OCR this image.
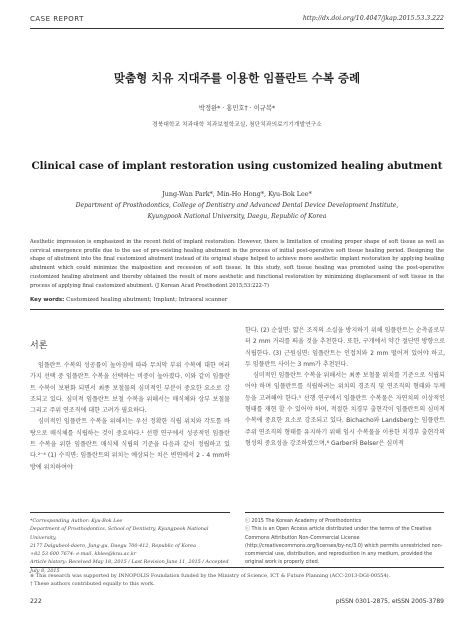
CASE REPORT	http://dx.doi.org/10.4047/jkap.2015.53.3.222
맞춤형 치유 지대주를 이용한 임플란트 수복 증례
박정완* · 홍민호† · 이규복*
경북대학교 치과대학 치과보철학교실, 첨단치과의료기기개발연구소
Clinical case of implant restoration using customized healing abutment
Jung-Wan Park*, Min-Ho Hong*, Kyu-Bok Lee*
Department of Prosthodontics, College of Dentistry and Advanced Dental Device Development Institute,
Kyungpook National University, Daegu, Republic of Korea
Aesthetic impression is emphasized in the recent field of implant restoration. However, there is limitation of creating proper shape of soft tissue as well as cervical emergence profile due to the use of pre-existing healing abutment in the process of initial post-operative soft tissue healing period. Designing the shape of abutment into the final customized abutment instead of its original shape helped to achieve more aesthetic implant restoration by applying healing abutment which could minimize the malposition and recession of soft tissue. In this study, soft tissue healing was promoted using the post-operative customized healing abutment and thereby obtained the result of more aesthetic and functional restoration by minimizing displacement of soft tissue in the process of applying final customized abutment. (J Korean Acad Prosthodont 2015;53:222-7)
Key words: Customized healing abutment; Implant; Intraoral scanner
서론

임플란트 수복의 성공률이 높아짐에 따라 무치악 부위 수복에 대한 여러 가지 선택 중 임플란트 수복을 선택하는 비중이 높아졌다. 이와 같이 임플란트 수복이 보편화 되면서 최종 보철물의 심미적인 부분이 중요한 요소로 강조되고 있다. 심미적 임플란트 보철 수복을 위해서는 매식체와 상부 보철물 그리고 주위 연조직에 대한 고려가 필요하다.

심미적인 임플란트 수복을 위해서는 우선 정확한 식립 위치와 각도를 바탕으로 매식체를 식립하는 것이 중요하다.¹ 선행 연구에서 성공적인 임플란트 수복을 위한 임플란트 매식체 식립의 기준을 다음과 같이 정립하고 있다.²⁻⁴ (1) 수직면: 임플란트의 위치는 예상되는 치은 변연에서 2 - 4 mm하방에 위치하여야

한다. (2) 순설면: 얇은 조직의 소실을 방지하기 위해 임플란트는 순측골로부터 2 mm 거리를 띄울 것을 추천한다. 또한, 구개에서 약간 절단면 방향으로 식립한다. (3) 근원심면: 임플란트는 인접치와 2 mm 떨어져 있어야 하고, 두 임플란트 사이는 3 mm가 추천된다.

심미적인 임플란트 수복을 위해서는 최종 보철물 위치를 기준으로 식립되어야 하며 임플란트를 식립하려는 위치의 경조직 및 연조직의 형태와 두께 등을 고려해야 한다.⁵ 선행 연구에서 임플란트 수복물은 자연치의 이상적인 형태를 재현 할 수 있어야 하며, 적절한 치경부 출현각이 임플란트의 심미적 수복에 중요한 요소로 강조되고 있다. Bichacho와 Landsberg는 임플란트 주위 연조직의 형태를 유지하기 위해 임시 수복물을 이용한 치경부 출현각의 형성의 중요성을 강조하였으며,⁶ Garber와 Belser은 심미적

*Corresponding Author: Kyu-Bok Lee
Department of Prosthodontics, School of Dentistry, Kyungpook National University,
2177 Dalgubeol-daero, Jung-gu, Daegu 700-412, Republic of Korea
+82 53 600 7674: e-mail, kblee@knu.ac.kr
Article history: Received May 18, 2015 / Last Revision June 11, 2015 / Accepted July 8, 2015
ⓒ 2015 The Korean Academy of Prosthodontics
ⓒ This is an Open Access article distributed under the terms of the Creative Commons Attribution Non-Commercial License (http://creativecommons.org/licenses/by-nc/3.0) which permits unrestricted non-commercial use, distribution, and reproduction in any medium, provided the original work is properly cited.
※ This research was supported by INNOPOLIS Foundation funded by the Ministry of Science, ICT & Future Planning (ACC-2013-DGI-00554).
† These authors contributed equally to this work.
222	pISSN 0301-2875, eISSN 2005-3789
